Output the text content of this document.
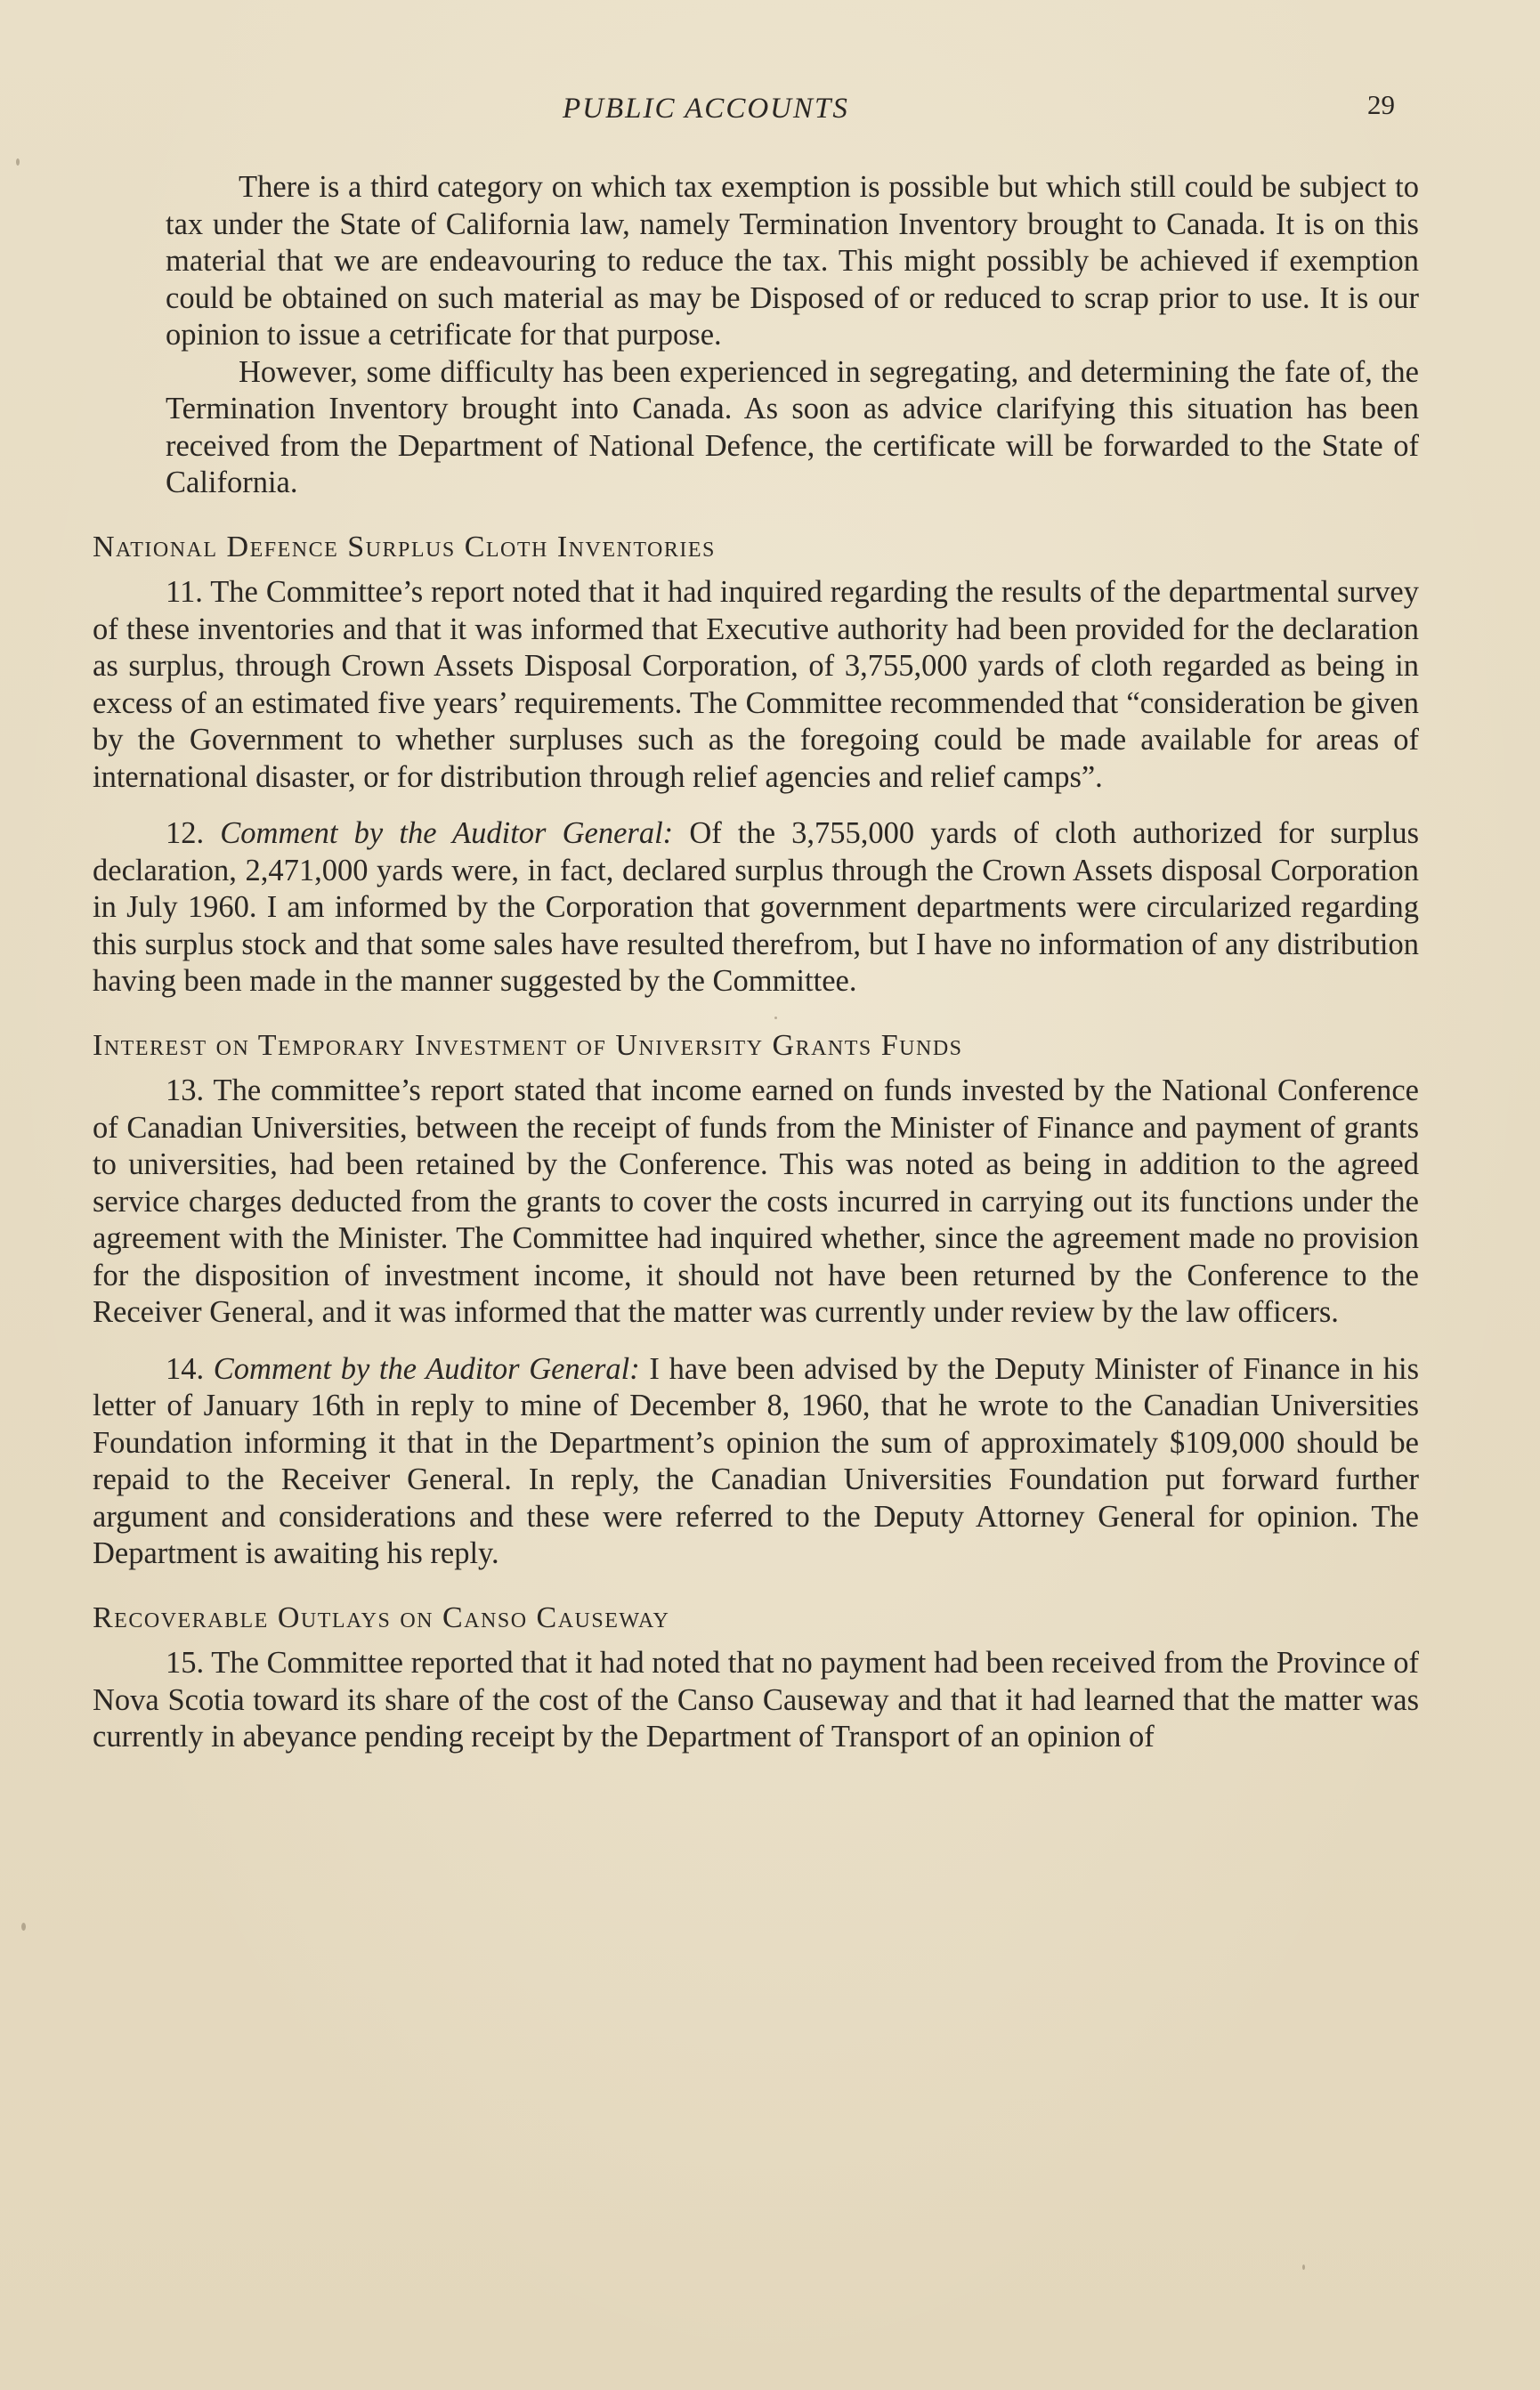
PUBLIC ACCOUNTS	29

There is a third category on which tax exemption is possible but which still could be subject to tax under the State of California law, namely Termination Inventory brought to Canada. It is on this material that we are endeavouring to reduce the tax. This might possibly be achieved if exemption could be obtained on such material as may be Disposed of or reduced to scrap prior to use. It is our opinion to issue a cetrificate for that purpose.

However, some difficulty has been experienced in segregating, and determining the fate of, the Termination Inventory brought into Canada. As soon as advice clarifying this situation has been received from the Department of National Defence, the certificate will be forwarded to the State of California.

National Defence Surplus Cloth Inventories

11. The Committee’s report noted that it had inquired regarding the results of the departmental survey of these inventories and that it was informed that Executive authority had been provided for the declaration as surplus, through Crown Assets Disposal Corporation, of 3,755,000 yards of cloth regarded as being in excess of an estimated five years’ requirements. The Committee recommended that “consideration be given by the Government to whether surpluses such as the foregoing could be made available for areas of international disaster, or for distribution through relief agencies and relief camps”.

12. Comment by the Auditor General: Of the 3,755,000 yards of cloth authorized for surplus declaration, 2,471,000 yards were, in fact, declared surplus through the Crown Assets disposal Corporation in July 1960. I am informed by the Corporation that government departments were circularized regarding this surplus stock and that some sales have resulted therefrom, but I have no information of any distribution having been made in the manner suggested by the Committee.

Interest on Temporary Investment of University Grants Funds

13. The committee’s report stated that income earned on funds invested by the National Conference of Canadian Universities, between the receipt of funds from the Minister of Finance and payment of grants to universities, had been retained by the Conference. This was noted as being in addition to the agreed service charges deducted from the grants to cover the costs incurred in carrying out its functions under the agreement with the Minister. The Committee had inquired whether, since the agreement made no provision for the disposition of investment income, it should not have been returned by the Conference to the Receiver General, and it was informed that the matter was currently under review by the law officers.

14. Comment by the Auditor General: I have been advised by the Deputy Minister of Finance in his letter of January 16th in reply to mine of December 8, 1960, that he wrote to the Canadian Universities Foundation informing it that in the Department’s opinion the sum of approximately $109,000 should be repaid to the Receiver General. In reply, the Canadian Universities Foundation put forward further argument and considerations and these were referred to the Deputy Attorney General for opinion. The Department is awaiting his reply.

Recoverable Outlays on Canso Causeway

15. The Committee reported that it had noted that no payment had been received from the Province of Nova Scotia toward its share of the cost of the Canso Causeway and that it had learned that the matter was currently in abeyance pending receipt by the Department of Transport of an opinion of
